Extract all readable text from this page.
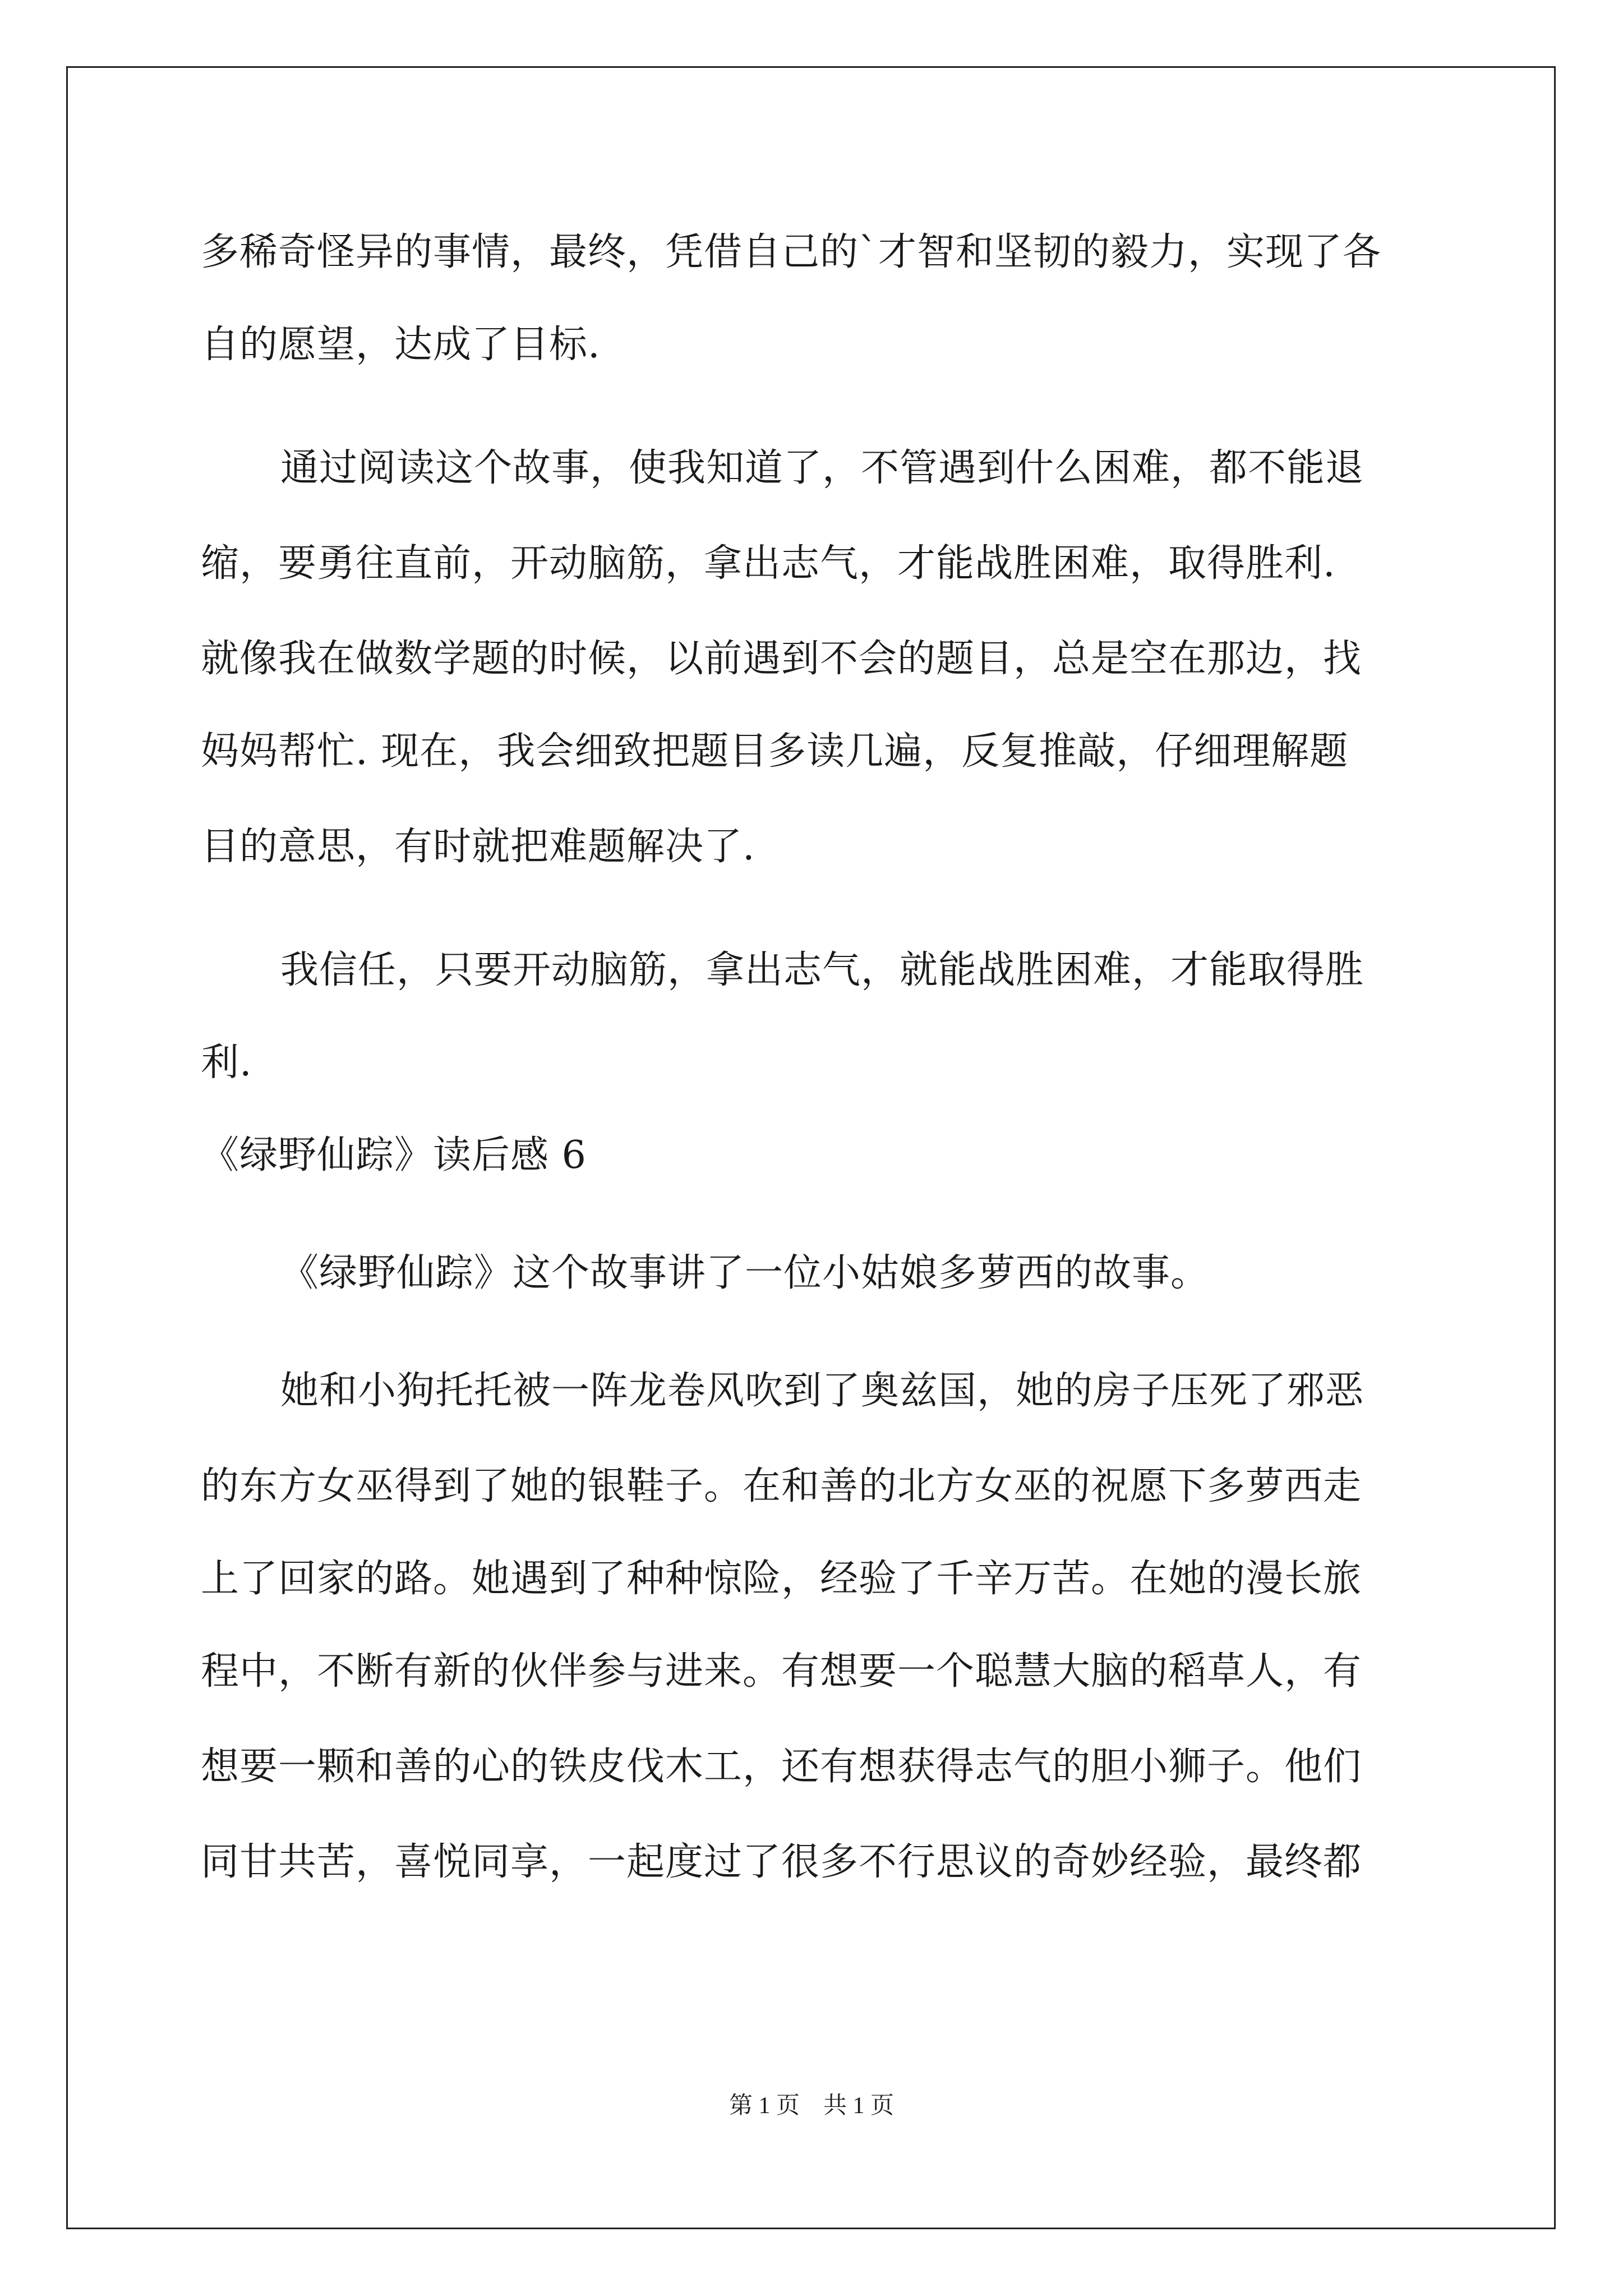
多稀奇怪异的事情，最终，凭借自己的`才智和坚韧的毅力，实现了各
自的愿望，达成了目标.
通过阅读这个故事，使我知道了，不管遇到什么困难，都不能退
缩，要勇往直前，开动脑筋，拿出志气，才能战胜困难，取得胜利.
就像我在做数学题的时候，以前遇到不会的题目，总是空在那边，找
妈妈帮忙. 现在，我会细致把题目多读几遍，反复推敲，仔细理解题
目的意思，有时就把难题解决了.
我信任，只要开动脑筋，拿出志气，就能战胜困难，才能取得胜
利.
《绿野仙踪》读后感 6
《绿野仙踪》这个故事讲了一位小姑娘多萝西的故事。
她和小狗托托被一阵龙卷风吹到了奥兹国，她的房子压死了邪恶
的东方女巫得到了她的银鞋子。在和善的北方女巫的祝愿下多萝西走
上了回家的路。她遇到了种种惊险，经验了千辛万苦。在她的漫长旅
程中，不断有新的伙伴参与进来。有想要一个聪慧大脑的稻草人，有
想要一颗和善的心的铁皮伐木工，还有想获得志气的胆小狮子。他们
同甘共苦，喜悦同享，一起度过了很多不行思议的奇妙经验，最终都
第 1 页　共 1 页
